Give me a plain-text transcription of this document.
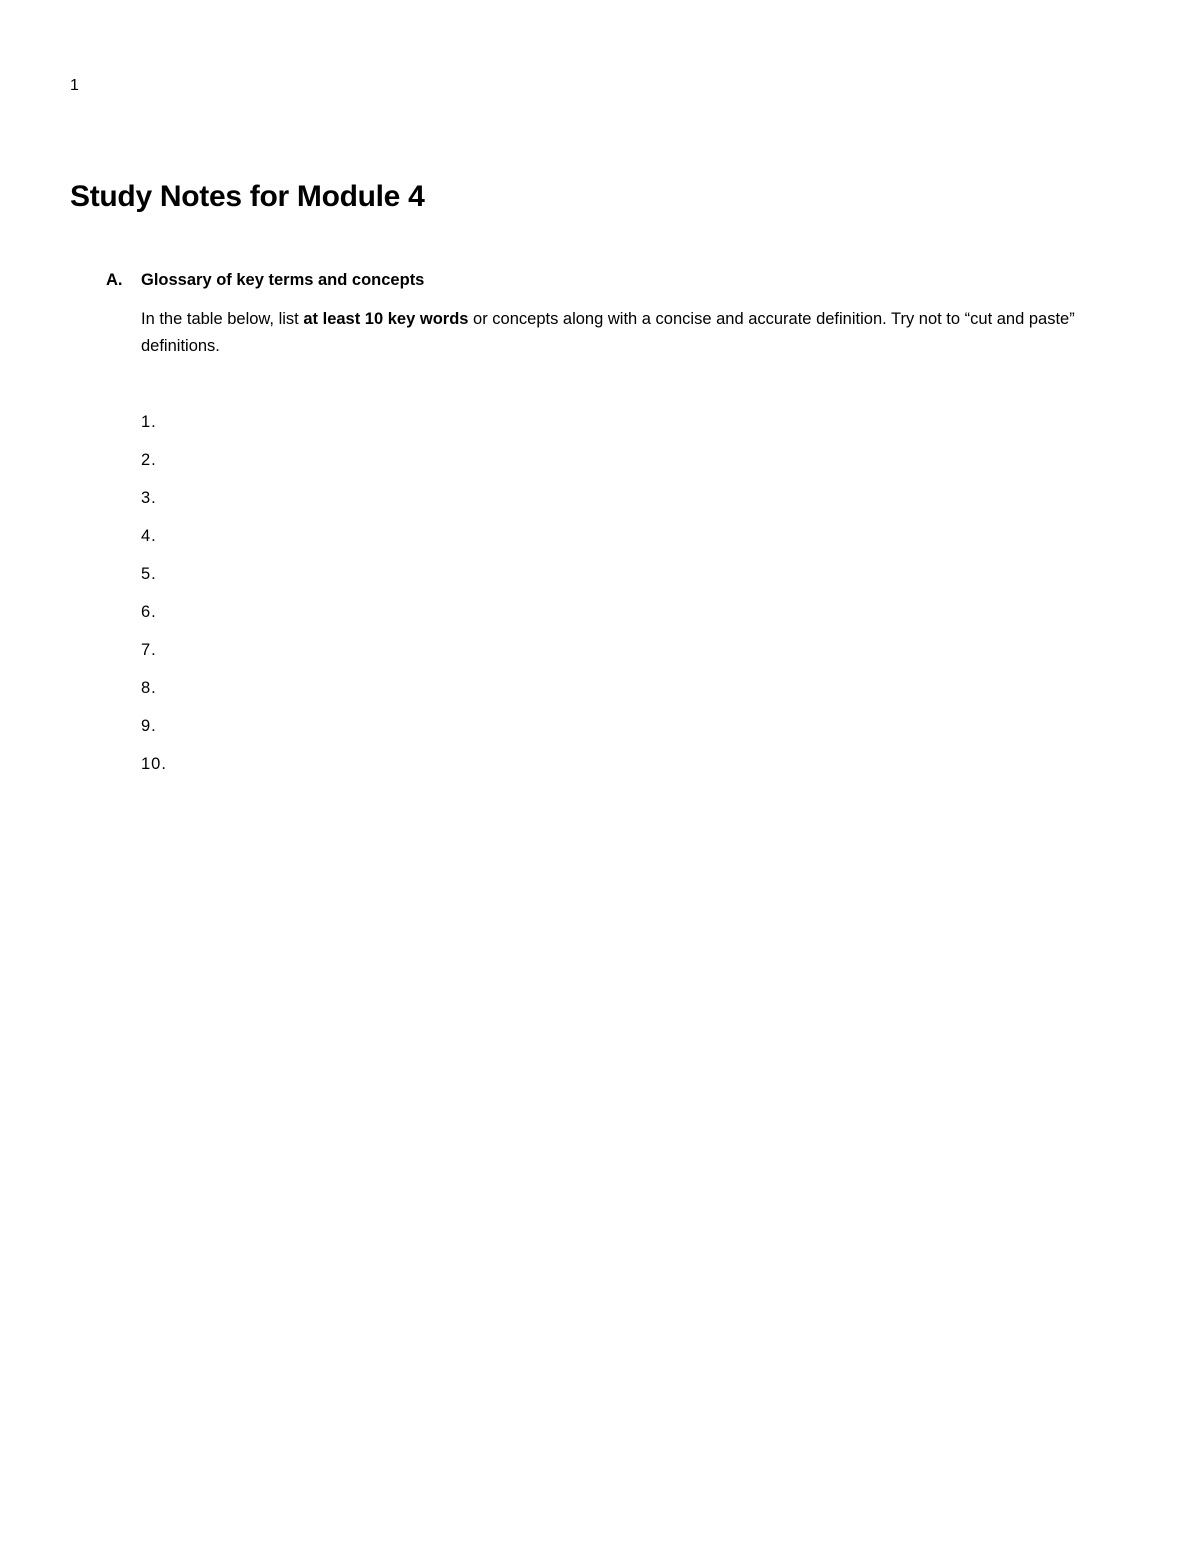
1
Study Notes for Module 4
A. Glossary of key terms and concepts

In the table below, list at least 10 key words or concepts along with a concise and accurate definition. Try not to “cut and paste” definitions.

1.
2.
3.
4.
5.
6.
7.
8.
9.
10.
